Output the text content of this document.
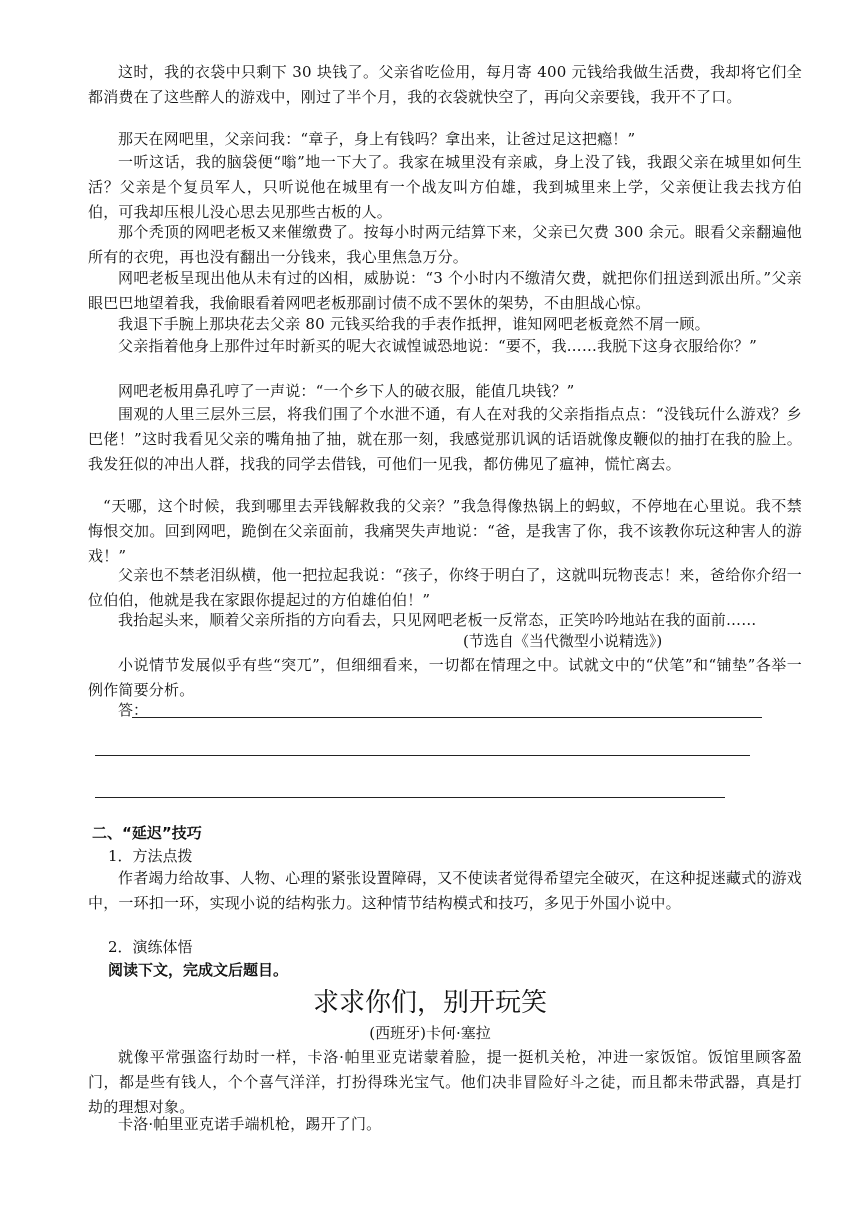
这时，我的衣袋中只剩下 30 块钱了。父亲省吃俭用，每月寄 400 元钱给我做生活费，我却将它们全都消费在了这些醉人的游戏中，刚过了半个月，我的衣袋就快空了，再向父亲要钱，我开不了口。

那天在网吧里，父亲问我：“章子，身上有钱吗？拿出来，让爸过足这把瘾！”

一听这话，我的脑袋便“嗡”地一下大了。我家在城里没有亲戚，身上没了钱，我跟父亲在城里如何生活？父亲是个复员军人，只听说他在城里有一个战友叫方伯雄，我到城里来上学，父亲便让我去找方伯伯，可我却压根儿没心思去见那些古板的人。

那个秃顶的网吧老板又来催缴费了。按每小时两元结算下来，父亲已欠费 300 余元。眼看父亲翻遍他所有的衣兜，再也没有翻出一分钱来，我心里焦急万分。

网吧老板呈现出他从未有过的凶相，威胁说：“3 个小时内不缴清欠费，就把你们扭送到派出所。”父亲眼巴巴地望着我，我偷眼看着网吧老板那副讨债不成不罢休的架势，不由胆战心惊。

我退下手腕上那块花去父亲 80 元钱买给我的手表作抵押，谁知网吧老板竟然不屑一顾。

父亲指着他身上那件过年时新买的呢大衣诚惶诚恐地说：“要不，我……我脱下这身衣服给你？”

网吧老板用鼻孔哼了一声说：“一个乡下人的破衣服，能值几块钱？”

围观的人里三层外三层，将我们围了个水泄不通，有人在对我的父亲指指点点：“没钱玩什么游戏？乡巴佬！”这时我看见父亲的嘴角抽了抽，就在那一刻，我感觉那讥讽的话语就像皮鞭似的抽打在我的脸上。我发狂似的冲出人群，找我的同学去借钱，可他们一见我，都仿佛见了瘟神，慌忙离去。

“天哪，这个时候，我到哪里去弄钱解救我的父亲？”我急得像热锅上的蚂蚁，不停地在心里说。我不禁悔恨交加。回到网吧，跪倒在父亲面前，我痛哭失声地说：“爸，是我害了你，我不该教你玩这种害人的游戏！”

父亲也不禁老泪纵横，他一把拉起我说：“孩子，你终于明白了，这就叫玩物丧志！来，爸给你介绍一位伯伯，他就是我在家跟你提起过的方伯雄伯伯！”

我抬起头来，顺着父亲所指的方向看去，只见网吧老板一反常态，正笑吟吟地站在我的面前……

(节选自《当代微型小说精选》)

小说情节发展似乎有些“突兀”，但细细看来，一切都在情理之中。试就文中的“伏笔”和“铺垫”各举一例作简要分析。

答：
二、“延迟”技巧
1．方法点拨

作者竭力给故事、人物、心理的紧张设置障碍，又不使读者觉得希望完全破灭，在这种捉迷藏式的游戏中，一环扣一环，实现小说的结构张力。这种情节结构模式和技巧，多见于外国小说中。

2．演练体悟
阅读下文，完成文后题目。
求求你们，别开玩笑
(西班牙)卡何·塞拉

就像平常强盗行劫时一样，卡洛·帕里亚克诺蒙着脸，提一挺机关枪，冲进一家饭馆。饭馆里顾客盈门，都是些有钱人，个个喜气洋洋，打扮得珠光宝气。他们决非冒险好斗之徒，而且都未带武器，真是打劫的理想对象。

卡洛·帕里亚克诺手端机枪，踢开了门。
